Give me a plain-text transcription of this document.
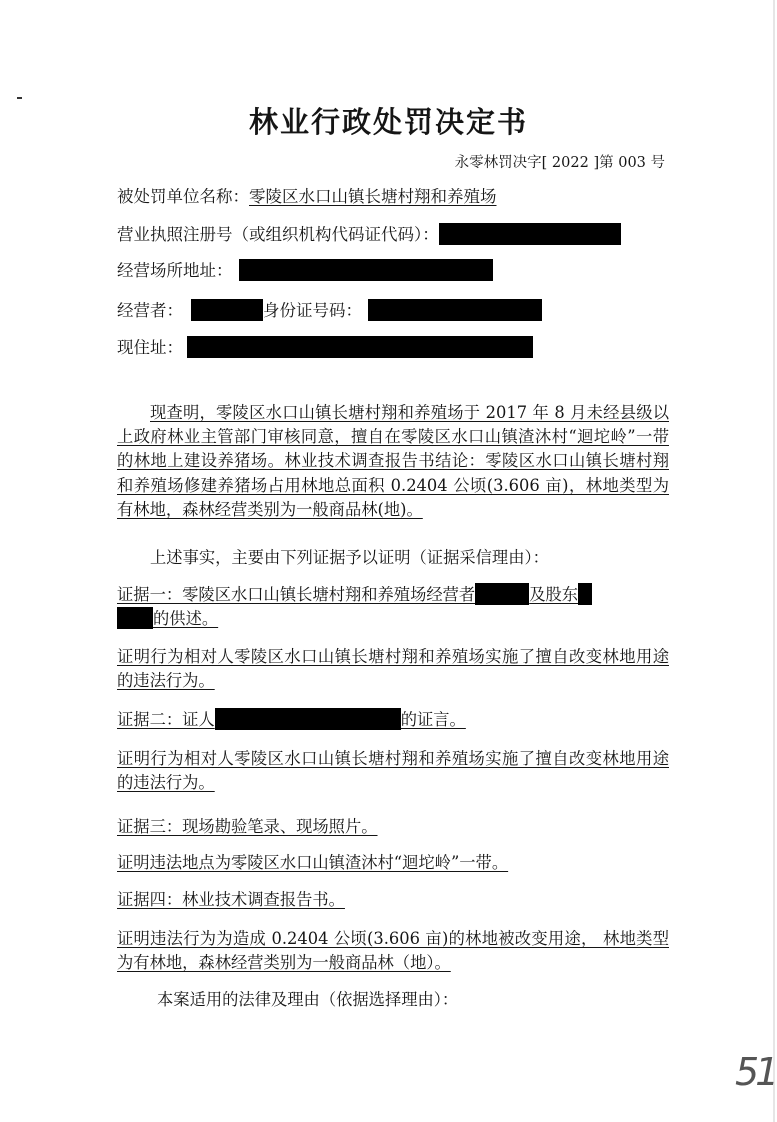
林业行政处罚决定书
永零林罚决字[ 2022 ]第 003 号
被处罚单位名称：零陵区水口山镇长塘村翔和养殖场
营业执照注册号（或组织机构代码证代码）：
经营场所地址：
经营者：	身份证号码：
现住址：
现查明，零陵区水口山镇长塘村翔和养殖场于 2017 年 8 月未经县级以上政府林业主管部门审核同意，擅自在零陵区水口山镇渣沐村“迴坨岭”一带的林地上建设养猪场。林业技术调查报告书结论：零陵区水口山镇长塘村翔和养殖场修建养猪场占用林地总面积 0.2404 公顷(3.606 亩)，林地类型为有林地，森林经营类别为一般商品林(地)。
上述事实，主要由下列证据予以证明（证据采信理由）：
证据一：零陵区水口山镇长塘村翔和养殖场经营者	及股东
的供述。
证明行为相对人零陵区水口山镇长塘村翔和养殖场实施了擅自改变林地用途的违法行为。
证据二：证人	的证言。
证明行为相对人零陵区水口山镇长塘村翔和养殖场实施了擅自改变林地用途的违法行为。
证据三：现场勘验笔录、现场照片。
证明违法地点为零陵区水口山镇渣沐村“迴坨岭”一带。
证据四：林业技术调查报告书。
证明违法行为为造成 0.2404 公顷(3.606 亩)的林地被改变用途， 林地类型为有林地，森林经营类别为一般商品林（地）。
本案适用的法律及理由（依据选择理由）：
51
